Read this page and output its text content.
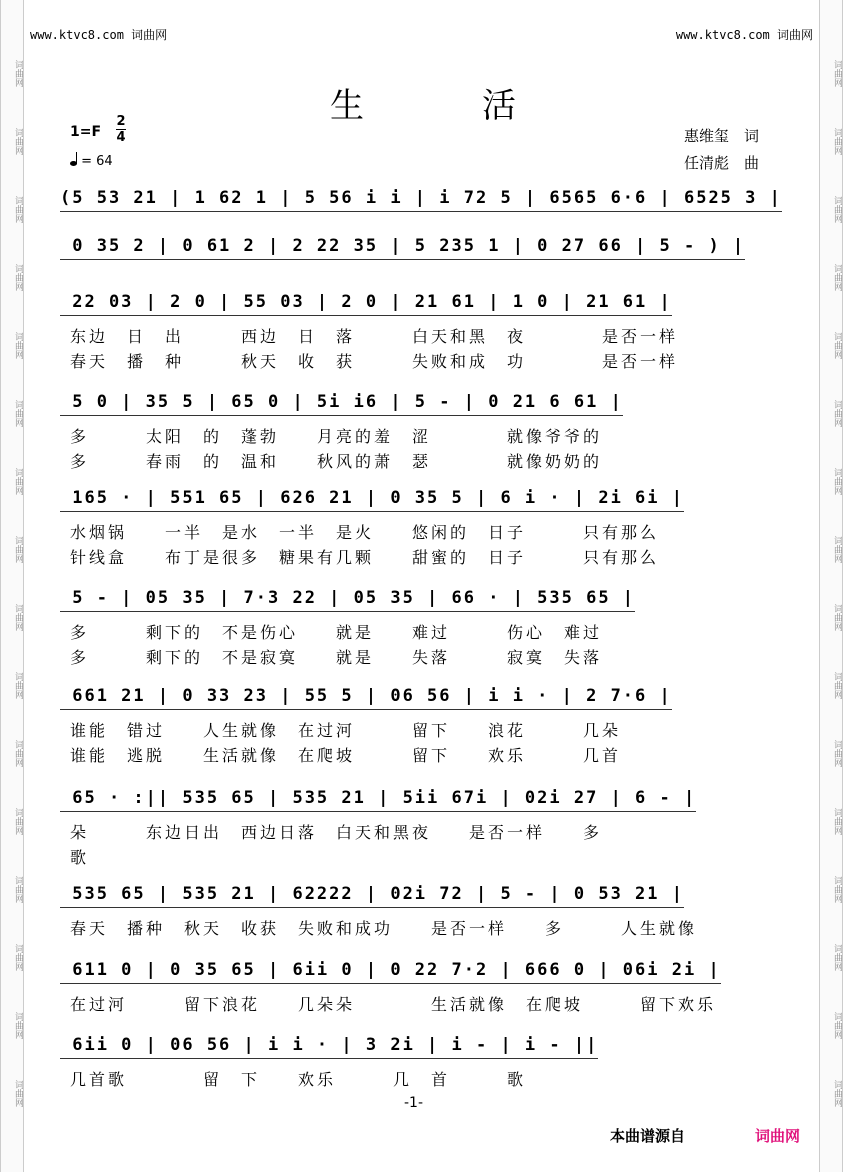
词曲网
词曲网
词曲网
词曲网
词曲网
词曲网
词曲网
词曲网
词曲网
词曲网
词曲网
词曲网
词曲网
词曲网
词曲网
词曲网
词曲网
词曲网
词曲网
词曲网
词曲网
词曲网
词曲网
词曲网
词曲网
词曲网
词曲网
词曲网
词曲网
词曲网
词曲网
词曲网
www.ktvc8.com 词曲网	www.ktvc8.com 词曲网
生活
1=F
2
4
= 64
惠维玺　词
任清彪　曲
(5 53 21 | 1 62 1 | 5 56 i i | i 72 5 | 6565 6·6 | 6525 3 |
0 35 2 | 0 61 2 | 2 22 35 | 5 235 1 | 0 27 66 | 5 - ) |
22 03 | 2 0 | 55 03 | 2 0 | 21 61 | 1 0 | 21 61 |
东边　日　出　　　西边　日　落　　　白天和黑　夜　　　　是否一样
春天　播　种　　　秋天　收　获　　　失败和成　功　　　　是否一样
5 0 | 35 5 | 65 0 | 5i i6 | 5 - | 0 21 6 61 |
多　　　太阳　的　蓬勃　　月亮的羞　涩　　　　就像爷爷的
多　　　春雨　的　温和　　秋风的萧　瑟　　　　就像奶奶的
165 · | 551 65 | 626 21 | 0 35 5 | 6 i · | 2i 6i |
水烟锅　　一半　是水　一半　是火　　悠闲的　日子　　　只有那么
针线盒　　布丁是很多　糖果有几颗　　甜蜜的　日子　　　只有那么
5 - | 05 35 | 7·3 22 | 05 35 | 66 · | 535 65 |
多　　　剩下的　不是伤心　　就是　　难过　　　伤心　难过
多　　　剩下的　不是寂寞　　就是　　失落　　　寂寞　失落
661 21 | 0 33 23 | 55 5 | 06 56 | i i · | 2 7·6 |
谁能　错过　　人生就像　在过河　　　留下　　浪花　　　几朵
谁能　逃脱　　生活就像　在爬坡　　　留下　　欢乐　　　几首
65 · :|| 535 65 | 535 21 | 5ii 67i | 02i 27 | 6 - |
朵　　　东边日出　西边日落　白天和黑夜　　是否一样　　多
歌
535 65 | 535 21 | 62222 | 02i 72 | 5 - | 0 53 21 |
春天　播种　秋天　收获　失败和成功　　是否一样　　多　　　人生就像
611 0 | 0 35 65 | 6ii 0 | 0 22 7·2 | 666 0 | 06i 2i |
在过河　　　留下浪花　　几朵朵　　　　生活就像　在爬坡　　　留下欢乐
6ii 0 | 06 56 | i i · | 3 2i | i - | i - ||
几首歌　　　　留　下　　欢乐　　　几　首　　　歌
-1-
本曲谱源自	词曲网
